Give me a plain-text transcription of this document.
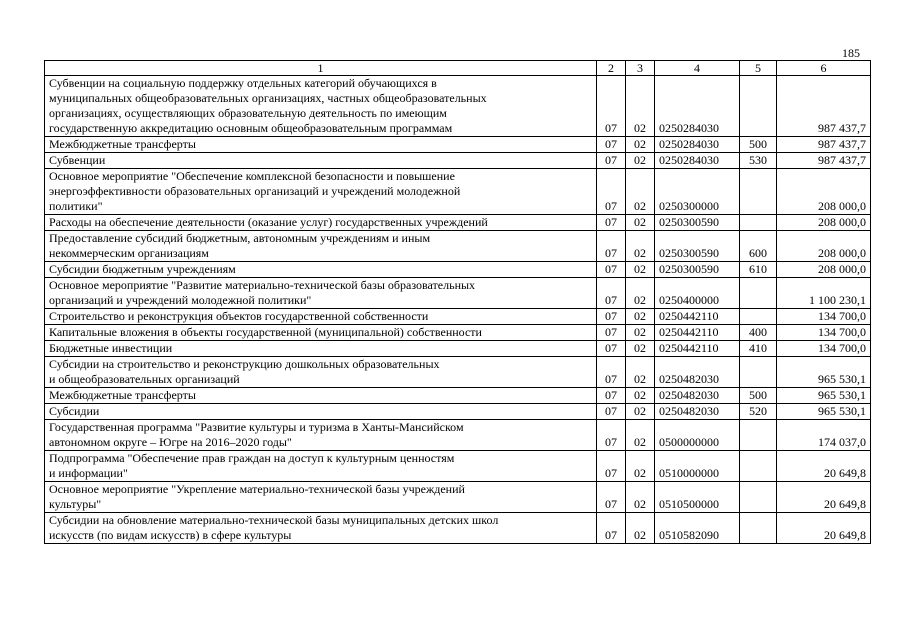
185
1	2	3	4	5	6
Субвенции на социальную поддержку отдельных категорий обучающихся в
муниципальных общеобразовательных организациях, частных общеобразовательных
организациях, осуществляющих образовательную деятельность по имеющим
государственную аккредитацию основным общеобразовательным программам	07	02	0250284030		987 437,7
Межбюджетные трансферты	07	02	0250284030	500	987 437,7
Субвенции	07	02	0250284030	530	987 437,7
Основное мероприятие "Обеспечение комплексной безопасности и повышение
энергоэффективности образовательных организаций и учреждений молодежной
политики"	07	02	0250300000		208 000,0
Расходы на обеспечение деятельности (оказание услуг) государственных учреждений	07	02	0250300590		208 000,0
Предоставление субсидий бюджетным, автономным учреждениям и иным
некоммерческим организациям	07	02	0250300590	600	208 000,0
Субсидии бюджетным учреждениям	07	02	0250300590	610	208 000,0
Основное мероприятие "Развитие материально-технической базы образовательных
организаций и учреждений молодежной политики"	07	02	0250400000		1 100 230,1
Строительство и реконструкция объектов государственной собственности	07	02	0250442110		134 700,0
Капитальные вложения в объекты государственной (муниципальной) собственности	07	02	0250442110	400	134 700,0
Бюджетные инвестиции	07	02	0250442110	410	134 700,0
Субсидии на строительство и реконструкцию дошкольных образовательных
и общеобразовательных организаций	07	02	0250482030		965 530,1
Межбюджетные трансферты	07	02	0250482030	500	965 530,1
Субсидии	07	02	0250482030	520	965 530,1
Государственная программа "Развитие культуры и туризма в Ханты-Мансийском
автономном округе – Югре на 2016–2020 годы"	07	02	0500000000		174 037,0
Подпрограмма "Обеспечение прав граждан на доступ к культурным ценностям
и информации"	07	02	0510000000		20 649,8
Основное мероприятие "Укрепление материально-технической базы учреждений
культуры"	07	02	0510500000		20 649,8
Субсидии на обновление материально-технической базы муниципальных детских школ
искусств (по видам искусств) в сфере культуры	07	02	0510582090		20 649,8
